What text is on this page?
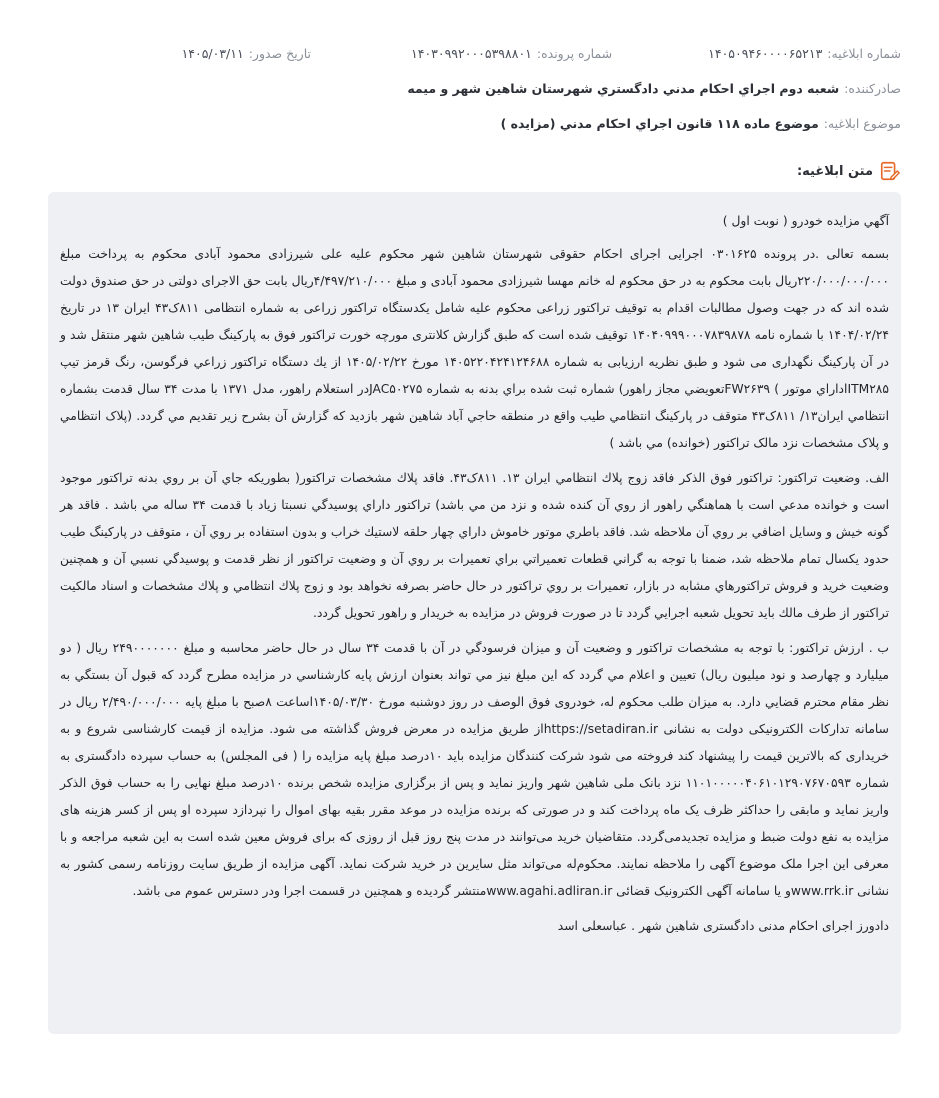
شماره ابلاغيه:
۱۴۰۵۰۹۴۶۰۰۰۰۶۵۲۱۳
شماره پرونده:
۱۴۰۳۰۹۹۲۰۰۰۵۳۹۸۸۰۱
تاريخ صدور:
۱۴۰۵/۰۳/۱۱
صادرکننده:
شعبه دوم اجراي احکام مدني دادگستري شهرستان شاهين شهر و ميمه
موضوع ابلاغيه:
موضوع ماده ۱۱۸ قانون اجراي احکام مدني (مزايده )
متن ابلاغيه:

آگهي مزايده خودرو ( نوبت اول )

بسمه تعالی .در پرونده ۰۳۰۱۶۲۵ اجرایی اجرای احکام حقوقی شهرستان شاهین شهر محکوم علیه علی شیرزادی محمود آبادی محکوم به پرداخت مبلغ ۲۲۰/۰۰۰/۰۰۰/۰۰۰ریال بابت محکوم به در حق محکوم له خانم مهسا شیرزادی محمود آبادی و مبلغ ۴/۴۹۷/۲۱۰/۰۰۰ریال بابت حق الاجرای دولتی در حق صندوق دولت شده اند که در جهت وصول مطالبات اقدام به توقیف تراکتور زراعی محکوم علیه شامل یکدستگاه تراکتور زراعی به شماره انتظامی ۸۱۱ک۴۳ ایران ۱۳ در تاریخ ۱۴۰۴/۰۲/۲۴ با شماره نامه ۱۴۰۴۰۹۹۹۰۰۰۷۸۳۹۸۷۸ توقیف شده است که طبق گزارش کلانتری مورچه خورت تراکتور فوق به پارکینگ طیب شاهین شهر منتقل شد و در آن پارکینگ نگهداری می شود و طبق نظریه ارزیابی به شماره ۱۴۰۵۲۲۰۴۲۴۱۲۴۶۸۸ مورخ ۱۴۰۵/۰۲/۲۲ از يك دستگاه تراکتور زراعي فرگوسن، رنگ قرمز تيپ ITM۲۸۵اداراي موتور ) FW۲۶۳۹تعويضي مجاز راهور) شماره ثبت شده براي بدنه به شماره JAC۵۰۲۷۵در استعلام راهور، مدل ۱۳۷۱ با مدت ۳۴ سال قدمت بشماره انتظامي ايران۱۳/ ۸۱۱ک۴۳ متوقف در پارکينگ انتظامي طيب واقع در منطقه حاجي آباد شاهين شهر بازديد که گزارش آن بشرح زير تقديم مي گردد. (پلاک انتظامي و پلاک مشخصات نزد مالک تراکتور (خوانده) مي باشد )

الف. وضعيت تراکتور: تراکتور فوق الذکر فاقد زوج پلاك انتظامي ايران ۱۳. ۸۱۱ک۴۳. فاقد پلاك مشخصات تراکتور( بطوريکه جاي آن بر روي بدنه تراکتور موجود است و خوانده مدعي است با هماهنگي راهور از روي آن کنده شده و نزد من مي باشد) تراکتور داراي پوسيدگي نسبتا زياد با قدمت ۳۴ ساله مي باشد . فاقد هر گونه خيش و وسايل اضافي بر روي آن ملاحظه شد. فاقد باطري موتور خاموش داراي چهار حلقه لاستيك خراب و بدون استفاده بر روي آن ، متوقف در پارکينگ طيب حدود يکسال تمام ملاحظه شد، ضمنا با توجه به گراني قطعات تعميراتي براي تعميرات بر روي آن و وضعيت تراکتور از نظر قدمت و پوسيدگي نسبي آن و همچنين وضعيت خريد و فروش تراکتورهاي مشابه در بازار، تعميرات بر روي تراکتور در حال حاضر بصرفه نخواهد بود و زوج پلاك انتظامي و پلاك مشخصات و اسناد مالکيت تراکتور از طرف مالك بايد تحويل شعبه اجرايي گردد تا در صورت فروش در مزايده به خريدار و راهور تحويل گردد.

ب . ارزش تراکتور: با توجه به مشخصات تراکتور و وضعيت آن و ميزان فرسودگي در آن با قدمت ۳۴ سال در حال حاضر محاسبه و مبلغ ۲۴۹۰۰۰۰۰۰۰ ريال ( دو ميليارد و چهارصد و نود ميليون ريال) تعيين و اعلام مي گردد که اين مبلغ نيز مي تواند بعنوان ارزش پايه کارشناسي در مزايده مطرح گردد که قبول آن بستگي به نظر مقام محترم قضايي دارد. به میزان طلب محکوم له، خودروی فوق الوصف در روز دوشنبه مورخ ۱۴۰۵/۰۳/۳۰اساعت ۸صبح با مبلغ پايه ۲/۴۹۰/۰۰۰/۰۰۰ ريال در سامانه تدارکات الکترونيکی دولت به نشانی https://setadiran.irاز طريق مزايده در معرض فروش گذاشته می شود. مزايده از قيمت کارشناسی شروع و به خريداری که بالاترين قيمت را پيشنهاد کند فروخته می شود شرکت کنندگان مزايده بايد ۱۰درصد مبلغ پايه مزايده را ( فی المجلس) به حساب سپرده دادگستری به شماره ۱۱۰۱۰۰۰۰۰۴۰۶۱۰۱۲۹۰۷۶۷۰۵۹۳ نزد بانک ملی شاهين شهر واريز نمايد و پس از برگزاری مزايده شخص برنده ۱۰درصد مبلغ نهايی را به حساب فوق الذکر واريز نمايد و مابقی را حداکثر ظرف يک ماه پرداخت کند و در صورتی که برنده مزايده در موعد مقرر بقيه بهای اموال را نپردازد سپرده او پس از کسر هزينه های مزايده به نفع دولت ضبط و مزايده تجديدمی‌گردد. متقاضيان خريد می‌توانند در مدت پنج روز قبل از روزی که برای فروش معين شده است به اين شعبه مراجعه و با معرفی اين اجرا ملک موضوع آگهی را ملاحظه نمايند. محکوم‌له می‌تواند مثل سايرين در خريد شرکت نمايد. آگهی مزايده از طريق سايت روزنامه رسمی کشور به نشانی www.rrk.irو يا سامانه آگهی الکترونيک قضائی www.agahi.adliran.irمنتشر گرديده و همچنين در قسمت اجرا ودر دسترس عموم می باشد.

دادورز اجرای احکام مدنی دادگستری شاهین شهر . عباسعلی اسد
